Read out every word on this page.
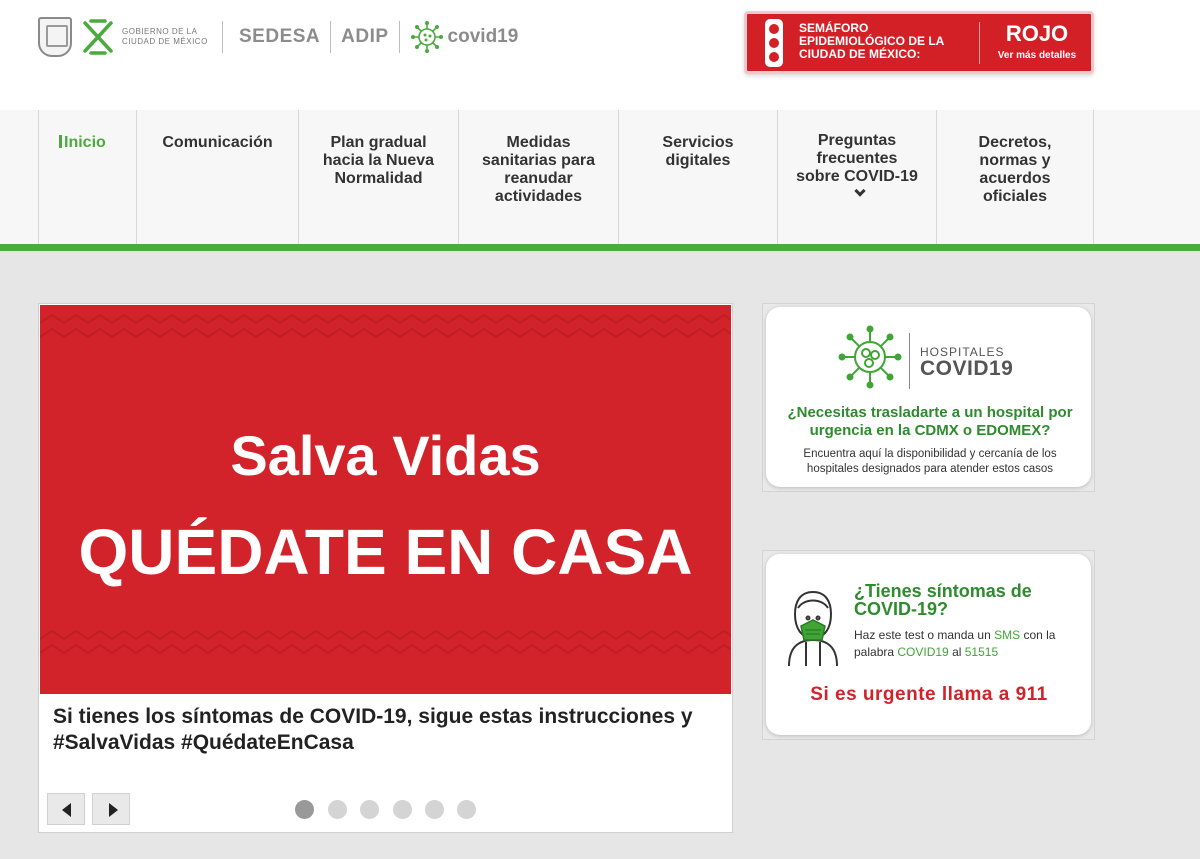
GOBIERNO DE LA CIUDAD DE MÉXICO SEDESA ADIP	covid19	SEMÁFORO EPIDEMIOLÓGICO DE LA CIUDAD DE MÉXICO:
ROJO
Ver más detalles
Inicio	Comunicación	Plan gradual hacia la Nueva Normalidad
Medidas sanitarias para reanudar actividades
Servicios digitales
Preguntas frecuentes sobre COVID-19
Decretos, normas y acuerdos oficiales
Salva Vidas
QUÉDATE EN CASA
Si tienes los síntomas de COVID-19, sigue estas instrucciones y #SalvaVidas #QuédateEnCasa
HOSPITALES
COVID19
¿Necesitas trasladarte a un hospital por urgencia en la CDMX o EDOMEX?
Encuentra aquí la disponibilidad y cercanía de los hospitales designados para atender estos casos
¿Tienes síntomas de COVID-19?
Haz este test o manda un SMS con la palabra COVID19 al 51515
Si es urgente llama a 911
